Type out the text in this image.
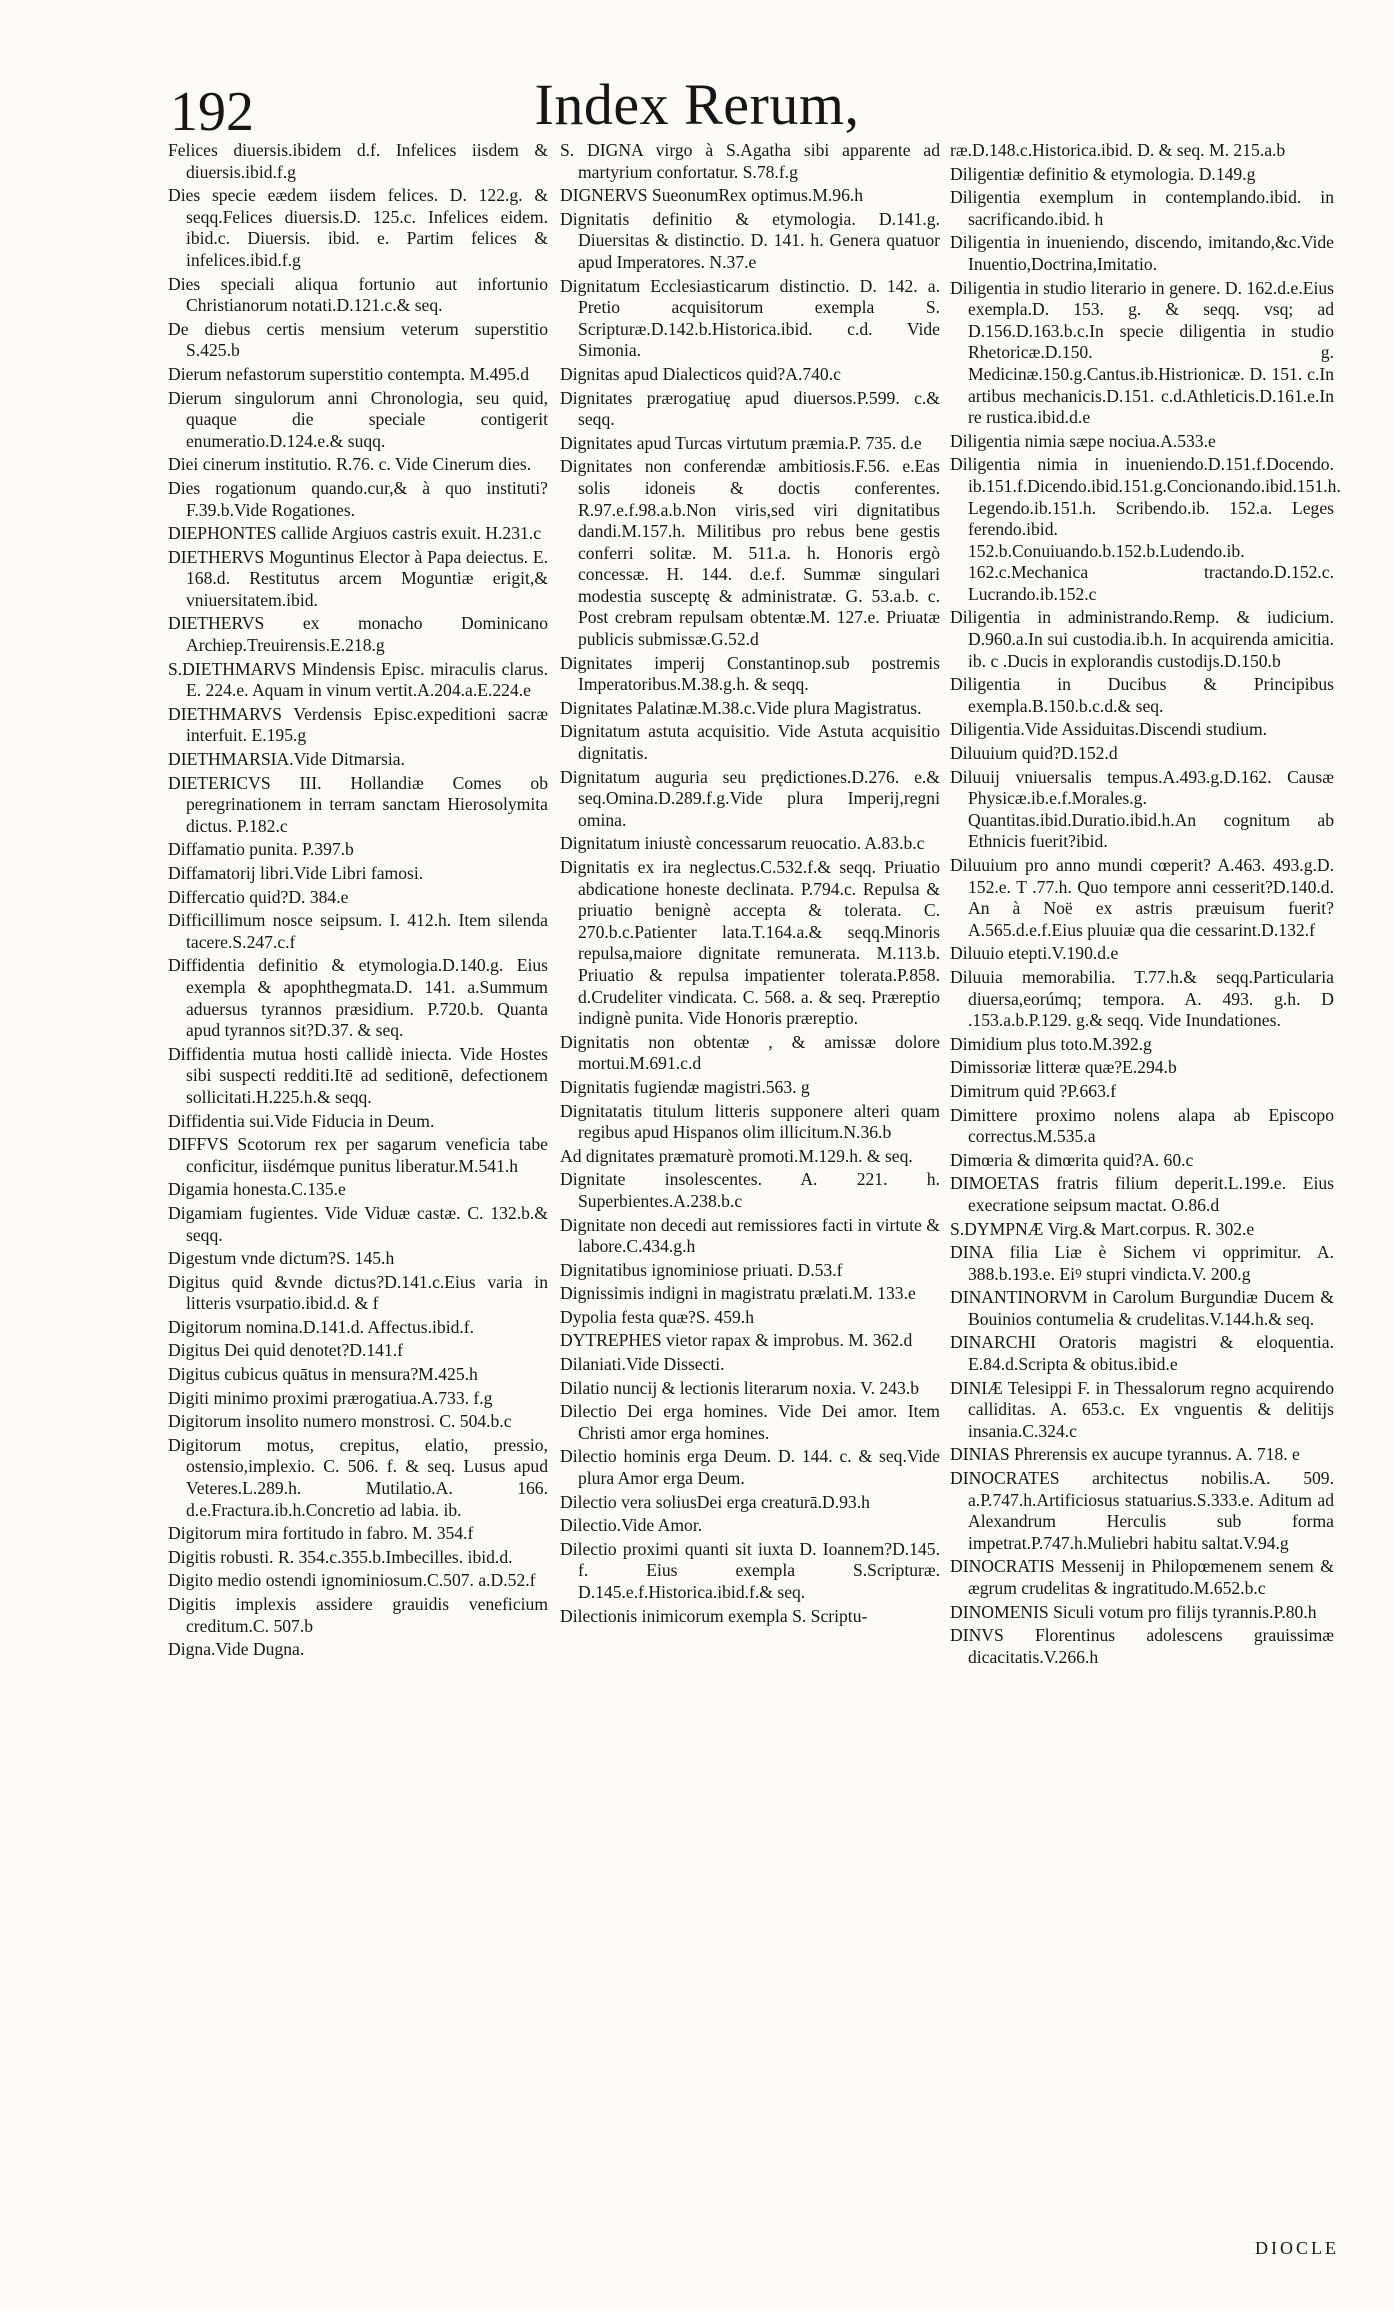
192	Index Rerum,

Felices diuersis.ibidem d.f. Infelices iisdem & diuersis.ibid.f.g

Dies specie eædem iisdem felices. D. 122.g. & seqq.Felices diuersis.D. 125.c. Infelices eidem. ibid.c. Diuersis. ibid. e. Partim felices & infelices.ibid.f.g

Dies speciali aliqua fortunio aut infortunio Christianorum notati.D.121.c.& seq.

De diebus certis mensium veterum superstitio S.425.b

Dierum nefastorum superstitio contempta. M.495.d

Dierum singulorum anni Chronologia, seu quid, quaque die speciale contigerit enumeratio.D.124.e.& suqq.

Diei cinerum institutio. R.76. c. Vide Cinerum dies.

Dies rogationum quando.cur,& à quo instituti?F.39.b.Vide Rogationes.

DIEPHONTES callide Argiuos castris exuit. H.231.c

DIETHERVS Moguntinus Elector à Papa deiectus. E. 168.d. Restitutus arcem Moguntiæ erigit,& vniuersitatem.ibid.

DIETHERVS ex monacho Dominicano Archiep.Treuirensis.E.218.g

S.DIETHMARVS Mindensis Episc. miraculis clarus. E. 224.e. Aquam in vinum vertit.A.204.a.E.224.e

DIETHMARVS Verdensis Episc.expeditioni sacræ interfuit. E.195.g

DIETHMARSIA.Vide Ditmarsia.

DIETERICVS III. Hollandiæ Comes ob peregrinationem in terram sanctam Hierosolymita dictus. P.182.c

Diffamatio punita. P.397.b

Diffamatorij libri.Vide Libri famosi.

Differcatio quid?D. 384.e

Difficillimum nosce seipsum. I. 412.h. Item silenda tacere.S.247.c.f

Diffidentia definitio & etymologia.D.140.g. Eius exempla & apophthegmata.D. 141. a.Summum aduersus tyrannos præsidium. P.720.b. Quanta apud tyrannos sit?D.37. & seq.

Diffidentia mutua hosti callidè iniecta. Vide Hostes sibi suspecti redditi.Itē ad seditionē, defectionem sollicitati.H.225.h.& seqq.

Diffidentia sui.Vide Fiducia in Deum.

DIFFVS Scotorum rex per sagarum veneficia tabe conficitur, iisdémque punitus liberatur.M.541.h

Digamia honesta.C.135.e

Digamiam fugientes. Vide Viduæ castæ. C. 132.b.& seqq.

Digestum vnde dictum?S. 145.h

Digitus quid &vnde dictus?D.141.c.Eius varia in litteris vsurpatio.ibid.d. & f

Digitorum nomina.D.141.d. Affectus.ibid.f.

Digitus Dei quid denotet?D.141.f

Digitus cubicus quātus in mensura?M.425.h

Digiti minimo proximi prærogatiua.A.733. f.g

Digitorum insolito numero monstrosi. C. 504.b.c

Digitorum motus, crepitus, elatio, pressio, ostensio,implexio. C. 506. f. & seq. Lusus apud Veteres.L.289.h. Mutilatio.A. 166. d.e.Fractura.ib.h.Concretio ad labia. ib.

Digitorum mira fortitudo in fabro. M. 354.f

Digitis robusti. R. 354.c.355.b.Imbecilles. ibid.d.

Digito medio ostendi ignominiosum.C.507. a.D.52.f

Digitis implexis assidere grauidis veneficium creditum.C. 507.b

Digna.Vide Dugna.

S. DIGNA virgo à S.Agatha sibi apparente ad martyrium confortatur. S.78.f.g

DIGNERVS SueonumRex optimus.M.96.h

Dignitatis definitio & etymologia. D.141.g. Diuersitas & distinctio. D. 141. h. Genera quatuor apud Imperatores. N.37.e

Dignitatum Ecclesiasticarum distinctio. D. 142. a. Pretio acquisitorum exempla S. Scripturæ.D.142.b.Historica.ibid. c.d. Vide Simonia.

Dignitas apud Dialecticos quid?A.740.c

Dignitates prærogatiuę apud diuersos.P.599. c.& seqq.

Dignitates apud Turcas virtutum præmia.P. 735. d.e

Dignitates non conferendæ ambitiosis.F.56. e.Eas solis idoneis & doctis conferentes. R.97.e.f.98.a.b.Non viris,sed viri dignitatibus dandi.M.157.h. Militibus pro rebus bene gestis conferri solitæ. M. 511.a. h. Honoris ergò concessæ. H. 144. d.e.f. Summæ singulari modestia susceptę & administratæ. G. 53.a.b. c. Post crebram repulsam obtentæ.M. 127.e. Priuatæ publicis submissæ.G.52.d

Dignitates imperij Constantinop.sub postremis Imperatoribus.M.38.g.h. & seqq.

Dignitates Palatinæ.M.38.c.Vide plura Magistratus.

Dignitatum astuta acquisitio. Vide Astuta acquisitio dignitatis.

Dignitatum auguria seu prędictiones.D.276. e.& seq.Omina.D.289.f.g.Vide plura Imperij,regni omina.

Dignitatum iniustè concessarum reuocatio. A.83.b.c

Dignitatis ex ira neglectus.C.532.f.& seqq. Priuatio abdicatione honeste declinata. P.794.c. Repulsa & priuatio benignè accepta & tolerata. C. 270.b.c.Patienter lata.T.164.a.& seqq.Minoris repulsa,maiore dignitate remunerata. M.113.b. Priuatio & repulsa impatienter tolerata.P.858. d.Crudeliter vindicata. C. 568. a. & seq. Præreptio indignè punita. Vide Honoris præreptio.

Dignitatis non obtentæ , & amissæ dolore mortui.M.691.c.d

Dignitatis fugiendæ magistri.563. g

Dignitatatis titulum litteris supponere alteri quam regibus apud Hispanos olim illicitum.N.36.b

Ad dignitates præmaturè promoti.M.129.h. & seq.

Dignitate insolescentes. A. 221. h. Superbientes.A.238.b.c

Dignitate non decedi aut remissiores facti in virtute & labore.C.434.g.h

Dignitatibus ignominiose priuati. D.53.f

Dignissimis indigni in magistratu prælati.M. 133.e

Dypolia festa quæ?S. 459.h

DYTREPHES vietor rapax & improbus. M. 362.d

Dilaniati.Vide Dissecti.

Dilatio nuncij & lectionis literarum noxia. V. 243.b

Dilectio Dei erga homines. Vide Dei amor. Item Christi amor erga homines.

Dilectio hominis erga Deum. D. 144. c. & seq.Vide plura Amor erga Deum.

Dilectio vera soliusDei erga creaturā.D.93.h

Dilectio.Vide Amor.

Dilectio proximi quanti sit iuxta D. Ioannem?D.145. f. Eius exempla S.Scripturæ. D.145.e.f.Historica.ibid.f.& seq.

Dilectionis inimicorum exempla S. Scriptu-

ræ.D.148.c.Historica.ibid. D. & seq. M. 215.a.b

Diligentiæ definitio & etymologia. D.149.g

Diligentia exemplum in contemplando.ibid. in sacrificando.ibid. h

Diligentia in inueniendo, discendo, imitando,&c.Vide Inuentio,Doctrina,Imitatio.

Diligentia in studio literario in genere. D. 162.d.e.Eius exempla.D. 153. g. & seqq. vsq; ad D.156.D.163.b.c.In specie diligentia in studio Rhetoricæ.D.150. g. Medicinæ.150.g.Cantus.ib.Histrionicæ. D. 151. c.In artibus mechanicis.D.151. c.d.Athleticis.D.161.e.In re rustica.ibid.d.e

Diligentia nimia sæpe nociua.A.533.e

Diligentia nimia in inueniendo.D.151.f.Docendo. ib.151.f.Dicendo.ibid.151.g.Concionando.ibid.151.h. Legendo.ib.151.h. Scribendo.ib. 152.a. Leges ferendo.ibid. 152.b.Conuiuando.b.152.b.Ludendo.ib. 162.c.Mechanica tractando.D.152.c. Lucrando.ib.152.c

Diligentia in administrando.Remp. & iudicium. D.960.a.In sui custodia.ib.h. In acquirenda amicitia. ib. c .Ducis in explorandis custodijs.D.150.b

Diligentia in Ducibus & Principibus exempla.B.150.b.c.d.& seq.

Diligentia.Vide Assiduitas.Discendi studium.

Diluuium quid?D.152.d

Diluuij vniuersalis tempus.A.493.g.D.162. Causæ Physicæ.ib.e.f.Morales.g. Quantitas.ibid.Duratio.ibid.h.An cognitum ab Ethnicis fuerit?ibid.

Diluuium pro anno mundi cœperit? A.463. 493.g.D. 152.e. T .77.h. Quo tempore anni cesserit?D.140.d. An à Noë ex astris præuisum fuerit? A.565.d.e.f.Eius pluuiæ qua die cessarint.D.132.f

Diluuio etepti.V.190.d.e

Diluuia memorabilia. T.77.h.& seqq.Particularia diuersa,eorúmq; tempora. A. 493. g.h. D .153.a.b.P.129. g.& seqq. Vide Inundationes.

Dimidium plus toto.M.392.g

Dimissoriæ litteræ quæ?E.294.b

Dimitrum quid ?P.663.f

Dimittere proximo nolens alapa ab Episcopo correctus.M.535.a

Dimœria & dimœrita quid?A. 60.c

DIMOETAS fratris filium deperit.L.199.e. Eius execratione seipsum mactat. O.86.d

S.DYMPNÆ Virg.& Mart.corpus. R. 302.e

DINA filia Liæ è Sichem vi opprimitur. A. 388.b.193.e. Eiꝰ stupri vindicta.V. 200.g

DINANTINORVM in Carolum Burgundiæ Ducem & Bouinios contumelia & crudelitas.V.144.h.& seq.

DINARCHI Oratoris magistri & eloquentia. E.84.d.Scripta & obitus.ibid.e

DINIÆ Telesippi F. in Thessalorum regno acquirendo calliditas. A. 653.c. Ex vnguentis & delitijs insania.C.324.c

DINIAS Phrerensis ex aucupe tyrannus. A. 718. e

DINOCRATES architectus nobilis.A. 509. a.P.747.h.Artificiosus statuarius.S.333.e. Aditum ad Alexandrum Herculis sub forma impetrat.P.747.h.Muliebri habitu saltat.V.94.g

DINOCRATIS Messenij in Philopœmenem senem & ægrum crudelitas & ingratitudo.M.652.b.c

DINOMENIS Siculi votum pro filijs tyrannis.P.80.h

DINVS Florentinus adolescens grauissimæ dicacitatis.V.266.h

DIOCLE
